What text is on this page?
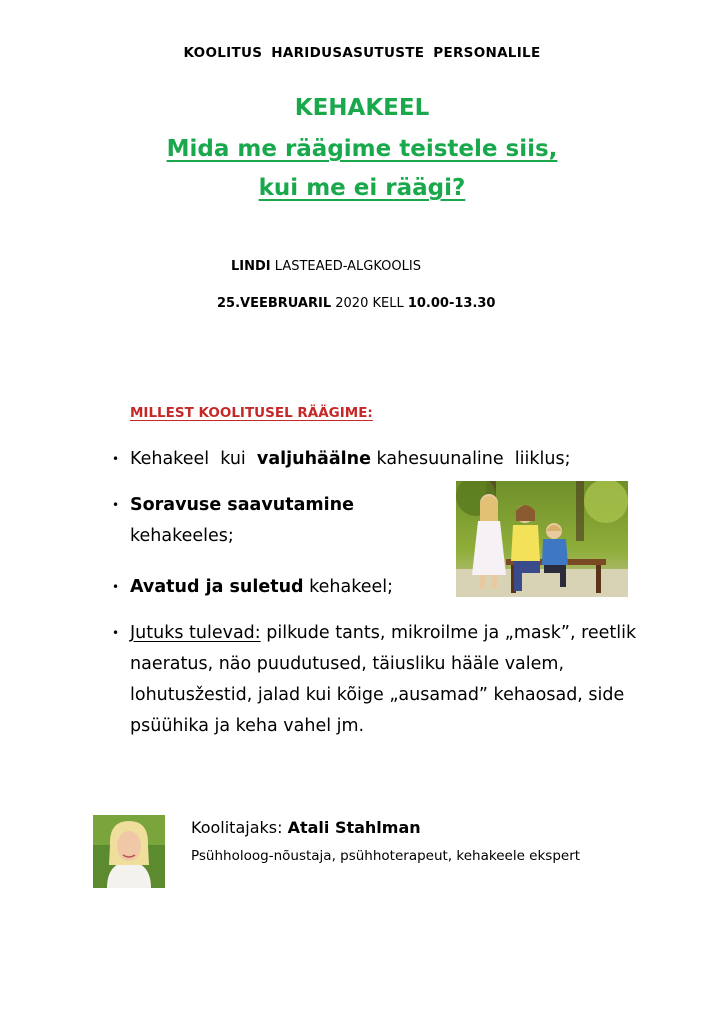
KOOLITUS HARIDUSASUTUSTE PERSONALILE
KEHAKEEL
Mida me räägime teistele siis,
kui me ei räägi?
LINDI LASTEAED-ALGKOOLIS
25.VEEBRUARIL 2020 KELL 10.00-13.30
MILLEST KOOLITUSEL RÄÄGIME:
• Kehakeel  kui  valjuhäälne kahesuunaline  liiklus;
• Soravuse saavutamine
kehakeeles;
• Avatud ja suletud kehakeel;
• Jutuks tulevad: pilkude tants, mikroilme ja „mask”, reetlik naeratus, näo puudutused, täiusliku hääle valem, lohutusžestid, jalad kui kõige „ausamad” kehaosad, side psüühika ja keha vahel jm.
Koolitajaks: Atali Stahlman
Psühholoog-nõustaja, psühhoterapeut, kehakeele ekspert
